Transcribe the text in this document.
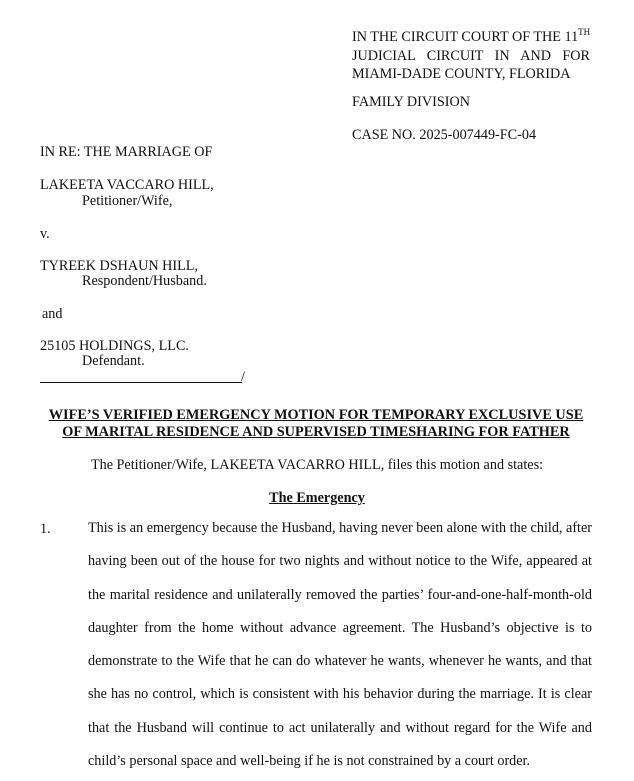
IN THE CIRCUIT COURT OF THE 11TH
JUDICIAL CIRCUIT IN AND FOR
MIAMI-DADE COUNTY, FLORIDA
FAMILY DIVISION
CASE NO. 2025-007449-FC-04
IN RE: THE MARRIAGE OF
LAKEETA VACCARO HILL,
Petitioner/Wife,
v.
TYREEK DSHAUN HILL,
Respondent/Husband.
and
25105 HOLDINGS, LLC.
Defendant.
/
WIFE’S VERIFIED EMERGENCY MOTION FOR TEMPORARY EXCLUSIVE USE
OF MARITAL RESIDENCE AND SUPERVISED TIMESHARING FOR FATHER
The Petitioner/Wife, LAKEETA VACARRO HILL, files this motion and states:
The Emergency
1.	This is an emergency because the Husband, having never been alone with the child, after having been out of the house for two nights and without notice to the Wife, appeared at the marital residence and unilaterally removed the parties’ four-and-one-half-month-old daughter from the home without advance agreement. The Husband’s objective is to demonstrate to the Wife that he can do whatever he wants, whenever he wants, and that she has no control, which is consistent with his behavior during the marriage. It is clear that the Husband will continue to act unilaterally and without regard for the Wife and child’s personal space and well-being if he is not constrained by a court order.
